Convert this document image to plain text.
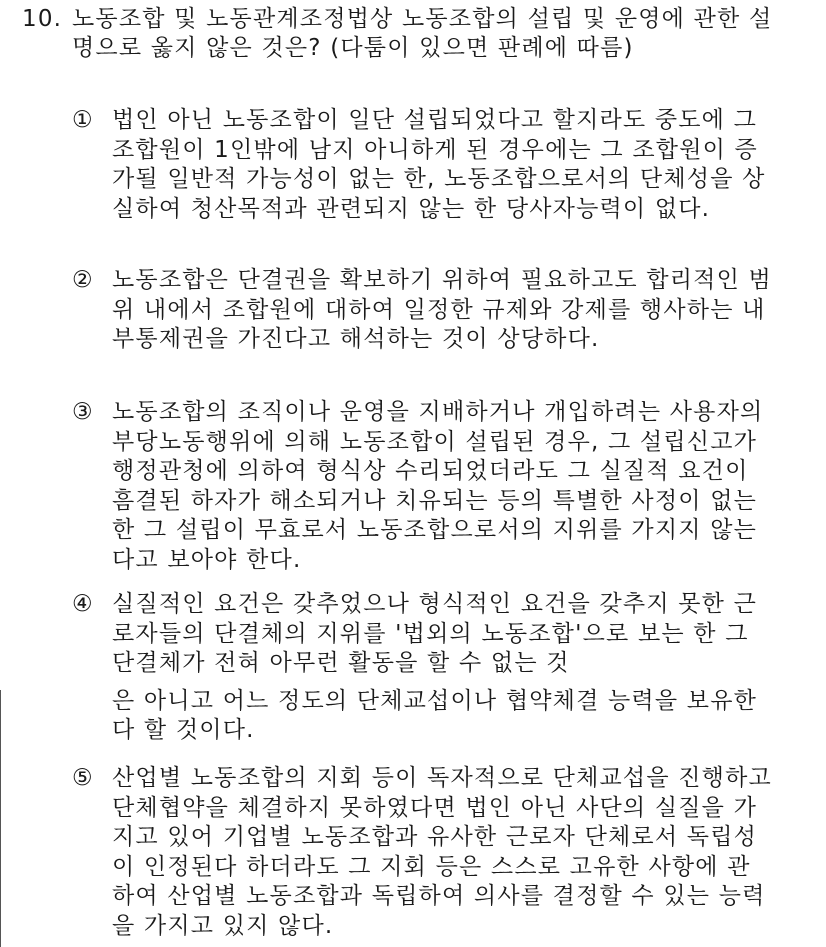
10. 노동조합 및 노동관계조정법상 노동조합의 설립 및 운영에 관한 설명으로 옳지 않은 것은? (다툼이 있으면 판례에 따름)
① 법인 아닌 노동조합이 일단 설립되었다고 할지라도 중도에 그 조합원이 1인밖에 남지 아니하게 된 경우에는 그 조합원이 증가될 일반적 가능성이 없는 한, 노동조합으로서의 단체성을 상실하여 청산목적과 관련되지 않는 한 당사자능력이 없다.
② 노동조합은 단결권을 확보하기 위하여 필요하고도 합리적인 범위 내에서 조합원에 대하여 일정한 규제와 강제를 행사하는 내부통제권을 가진다고 해석하는 것이 상당하다.
③ 노동조합의 조직이나 운영을 지배하거나 개입하려는 사용자의 부당노동행위에 의해 노동조합이 설립된 경우, 그 설립신고가 행정관청에 의하여 형식상 수리되었더라도 그 실질적 요건이 흠결된 하자가 해소되거나 치유되는 등의 특별한 사정이 없는 한 그 설립이 무효로서 노동조합으로서의 지위를 가지지 않는다고 보아야 한다.
④ 실질적인 요건은 갖추었으나 형식적인 요건을 갖추지 못한 근로자들의 단결체의 지위를 '법외의 노동조합'으로 보는 한 그 단결체가 전혀 아무런 활동을 할 수 없는 것
은 아니고 어느 정도의 단체교섭이나 협약체결 능력을 보유한다 할 것이다.
⑤ 산업별 노동조합의 지회 등이 독자적으로 단체교섭을 진행하고 단체협약을 체결하지 못하였다면 법인 아닌 사단의 실질을 가지고 있어 기업별 노동조합과 유사한 근로자 단체로서 독립성이 인정된다 하더라도 그 지회 등은 스스로 고유한 사항에 관하여 산업별 노동조합과 독립하여 의사를 결정할 수 있는 능력을 가지고 있지 않다.
